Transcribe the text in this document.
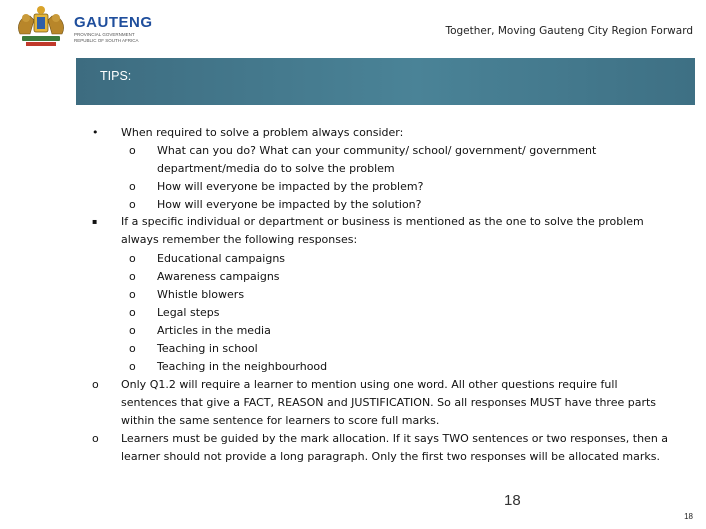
GAUTENG
PROVINCIAL GOVERNMENT
REPUBLIC OF SOUTH AFRICA
Together, Moving Gauteng City Region Forward
TIPS:
•
▪
o
o
o
o
o
o
o
o
o
o
o
o
When required to solve a problem always consider:
What can you do? What can your community/ school/ government/ government
department/media do to solve the problem
How will everyone be impacted by the problem?
How will everyone be impacted by the solution?
If a specific individual or department or business is mentioned as the one to solve the problem
always remember the following responses:
Educational campaigns
Awareness campaigns
Whistle blowers
Legal steps
Articles in the media
Teaching in school
Teaching in the neighbourhood
Only Q1.2 will require a learner to mention using one word. All other questions require full
sentences that give a FACT, REASON and JUSTIFICATION. So all responses MUST have three parts
within the same sentence for learners to score full marks.
Learners must be guided by the mark allocation. If it says TWO sentences or two responses, then a
learner should not provide a long paragraph. Only the first two responses will be allocated marks.
18
18
